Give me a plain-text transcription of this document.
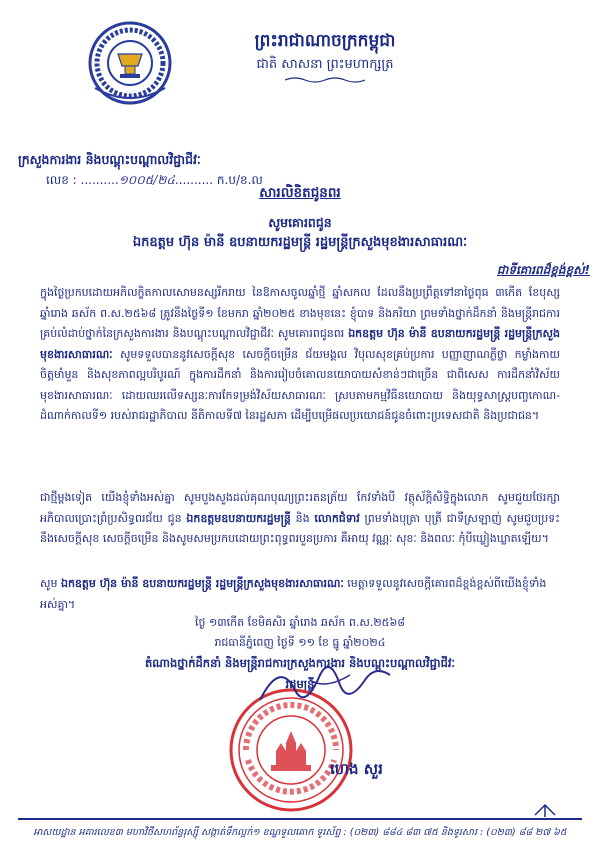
ព្រះរាជាណាចក្រកម្ពុជា
ជាតិ សាសនា ព្រះមហាក្សត្រ
ក្រសួងការងារ និងបណ្តុះបណ្តាលវិជ្ជាជីវៈ
លេខ : ..........១០០៥/២៤.......... ក.ប/ខ.ល
សារលិខិតជូនពរ
សូមគោរពជូន
ឯកឧត្តម ហ៊ុន ម៉ានី ឧបនាយករដ្ឋមន្ត្រី រដ្ឋមន្ត្រីក្រសួងមុខងារសាធារណៈ
ជាទីគោរពដ៏ខ្ពង់ខ្ពស់!
ក្នុងថ្ងៃប្រកបដោយអភិលក្ខិតកាលសោមនស្សរីករាយ នៃឱកាសចូលឆ្នាំថ្មី ឆ្នាំសកល ដែលនឹងប្រព្រឹត្តទៅនាថ្ងៃពុធ ៣កើត ខែបុស្ស ឆ្នាំរោង ឆស័ក ព.ស.២៥៦៨ ត្រូវនឹងថ្ងៃទី១ ខែមករា ឆ្នាំ២០២៥ ខាងមុខនេះ ខ្ញុំបាទ និងភរិយា ព្រមទាំងថ្នាក់ដឹកនាំ និងមន្ត្រីរាជការគ្រប់លំដាប់ថ្នាក់នៃក្រសួងការងារ និងបណ្តុះបណ្តាលវិជ្ជាជីវៈ សូមគោរពជូនពរ ឯកឧត្តម ហ៊ុន ម៉ានី ឧបនាយករដ្ឋមន្ត្រី រដ្ឋមន្ត្រីក្រសួងមុខងារសាធារណៈ សូមទទួលបាននូវសេចក្តីសុខ សេចក្តីចម្រើន ជ័យមង្គល វិបុលសុខគ្រប់ប្រការ បញ្ញាញាណភ្លឺថ្លា កម្លាំងកាយចិត្តមាំមួន និងសុខភាពល្អបរិបូរណ៍ ក្នុងការដឹកនាំ និងការរៀបចំគោលនយោបាយសំខាន់ៗជាច្រើន ជាពិសេស ការដឹកនាំវិស័យមុខងារសាធារណៈ ដោយឈរលើទស្សនៈការកែទម្រង់វិស័យសាធារណៈ ស្របតាមកម្មវិធីនយោបាយ និងយុទ្ធសាស្ត្របញ្ចកោណ-ដំណាក់កាលទី១ របស់រាជរដ្ឋាភិបាល នីតិកាលទី៧ នៃរដ្ឋសភា ដើម្បីបម្រើផលប្រយោជន៍ជូនចំពោះប្រទេសជាតិ និងប្រជាជន។
ជាថ្មីម្តងទៀត យើងខ្ញុំទាំងអស់គ្នា សូមបួងសួងដល់គុណបុណ្យព្រះរតនត្រ័យ កែវទាំងបី វត្ថុស័ក្តិសិទ្ធិក្នុងលោក សូមជួយថែរក្សាអភិបាលប្រោះព្រំប្រសិទ្ធពរជ័យ ជូន ឯកឧត្តមឧបនាយករដ្ឋមន្ត្រី និង លោកជំទាវ ព្រមទាំងបុត្រា បុត្រី ជាទីស្រឡាញ់ សូមជួបប្រទះនឹងសេចក្តីសុខ សេចក្តីចម្រើន និងសូមសមប្រកបដោយព្រះពុទ្ធពរបួនប្រការ គឺអាយុ វណ្ណៈ សុខៈ និងពលៈ កុំបីឃ្លៀងឃ្លាតឡើយ។
សូម ឯកឧត្តម ហ៊ុន ម៉ានី ឧបនាយករដ្ឋមន្ត្រី រដ្ឋមន្ត្រីក្រសួងមុខងារសាធារណៈ មេត្តាទទួលនូវសេចក្តីគោរពដ៏ខ្ពង់ខ្ពស់ពីយើងខ្ញុំទាំងអស់គ្នា។
ថ្ងៃ ១៣កើត ខែមិគសិរ ឆ្នាំរោង ឆស័ក ព.ស.២៥៦៨
រាជធានីភ្នំពេញ ថ្ងៃទី ១១ ខែ ធ្នូ ឆ្នាំ២០២៤
តំណាងថ្នាក់ដឹកនាំ និងមន្ត្រីរាជការក្រសួងការងារ និងបណ្តុះបណ្តាលវិជ្ជាជីវៈ
រដ្ឋមន្ត្រី
ហេង សួរ
អាសយដ្ឋាន អគារលេខ៣ មហាវិថីសហព័ន្ធរុស្ស៊ី សង្កាត់ទឹកល្អក់១ ខណ្ឌទួលគោក ទូរស័ព្ទ : (០២៣) ៨៨៤ ៨៣ ៧៥ និងទូរសារ : (០២៣) ៨៨ ២៧ ៦៥
